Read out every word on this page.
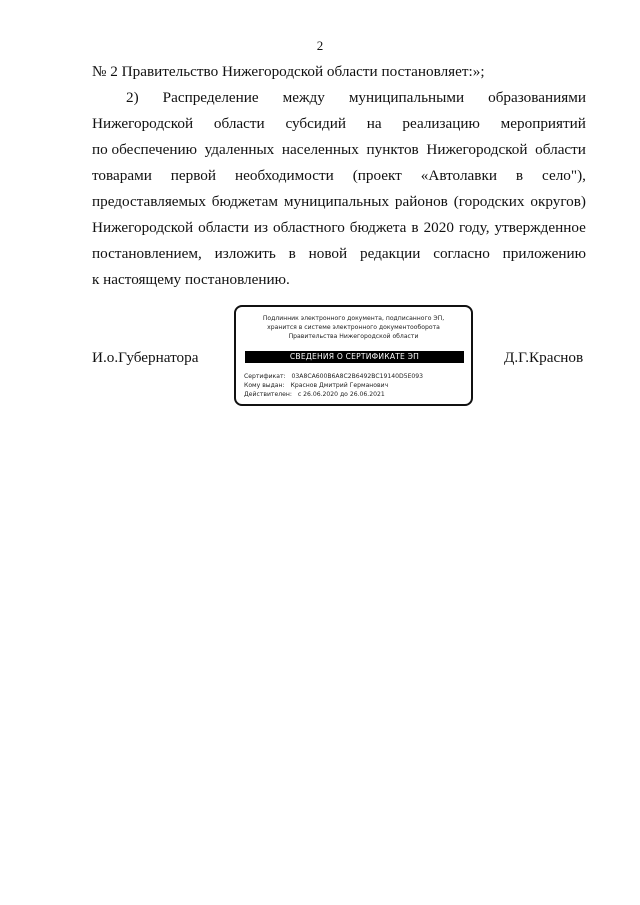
2
№ 2 Правительство Нижегородской области постановляет:»;
2) Распределение между муниципальными образованиями
Нижегородской области субсидий на реализацию мероприятий
по обеспечению удаленных населенных пунктов Нижегородской области
товарами первой необходимости (проект «Автолавки в село"),
предоставляемых бюджетам муниципальных районов (городских округов)
Нижегородской области из областного бюджета в 2020 году, утвержденное
постановлением, изложить в новой редакции согласно приложению
к настоящему постановлению.
И.о.Губернатора
Подлинник электронного документа, подписанного ЭП,
хранится в системе электронного документооборота
Правительства Нижегородской области
СВЕДЕНИЯ О СЕРТИФИКАТЕ ЭП
Сертификат: 03A8CA600B6A8C2B6492BC19140D5E093
Кому выдан: Краснов Дмитрий Германович
Действителен: с 26.06.2020 до 26.06.2021
Д.Г.Краснов
